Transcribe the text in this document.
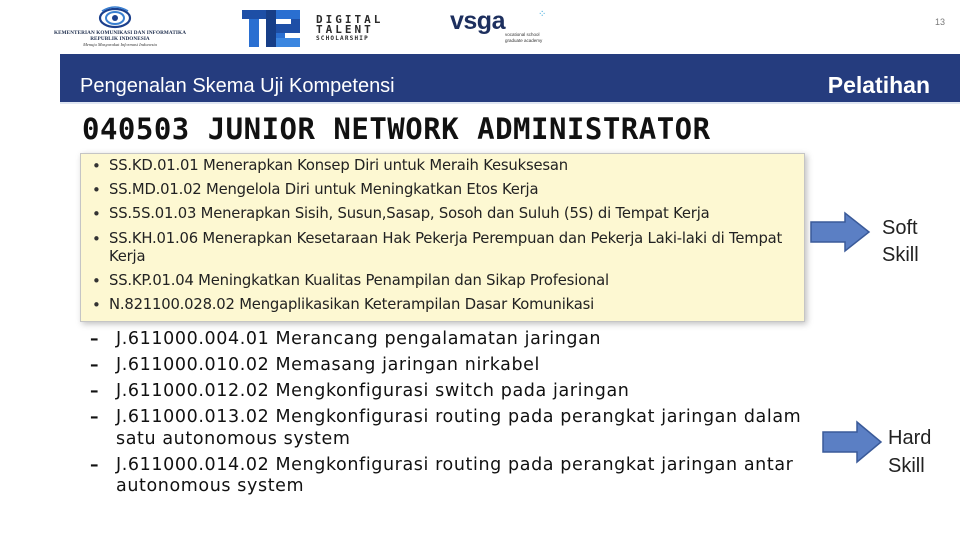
KEMENTERIAN KOMUNIKASI DAN INFORMATIKA
REPUBLIK INDONESIA
Menuju Masyarakat Informasi Indonesia
DIGITAL
TALENT
SCHOLARSHIP
vsga	⁘
vocational school graduate academy
13
Pengenalan Skema Uji Kompetensi	Pelatihan
040503 JUNIOR NETWORK ADMINISTRATOR
• SS.KD.01.01 Menerapkan Konsep Diri untuk Meraih Kesuksesan
• SS.MD.01.02 Mengelola Diri untuk Meningkatkan Etos Kerja
• SS.5S.01.03 Menerapkan Sisih, Susun,Sasap, Sosoh dan Suluh (5S) di Tempat Kerja
• SS.KH.01.06 Menerapkan Kesetaraan Hak Pekerja Perempuan dan Pekerja Laki-laki di Tempat Kerja
• SS.KP.01.04 Meningkatkan Kualitas Penampilan dan Sikap Profesional
• N.821100.028.02 Mengaplikasikan Keterampilan Dasar Komunikasi
– J.611000.004.01 Merancang pengalamatan jaringan
– J.611000.010.02 Memasang jaringan nirkabel
– J.611000.012.02 Mengkonfigurasi switch pada jaringan
– J.611000.013.02 Mengkonfigurasi routing pada perangkat jaringan dalam satu autonomous system
– J.611000.014.02 Mengkonfigurasi routing pada perangkat jaringan antar autonomous system
Soft
Skill
Hard
Skill
